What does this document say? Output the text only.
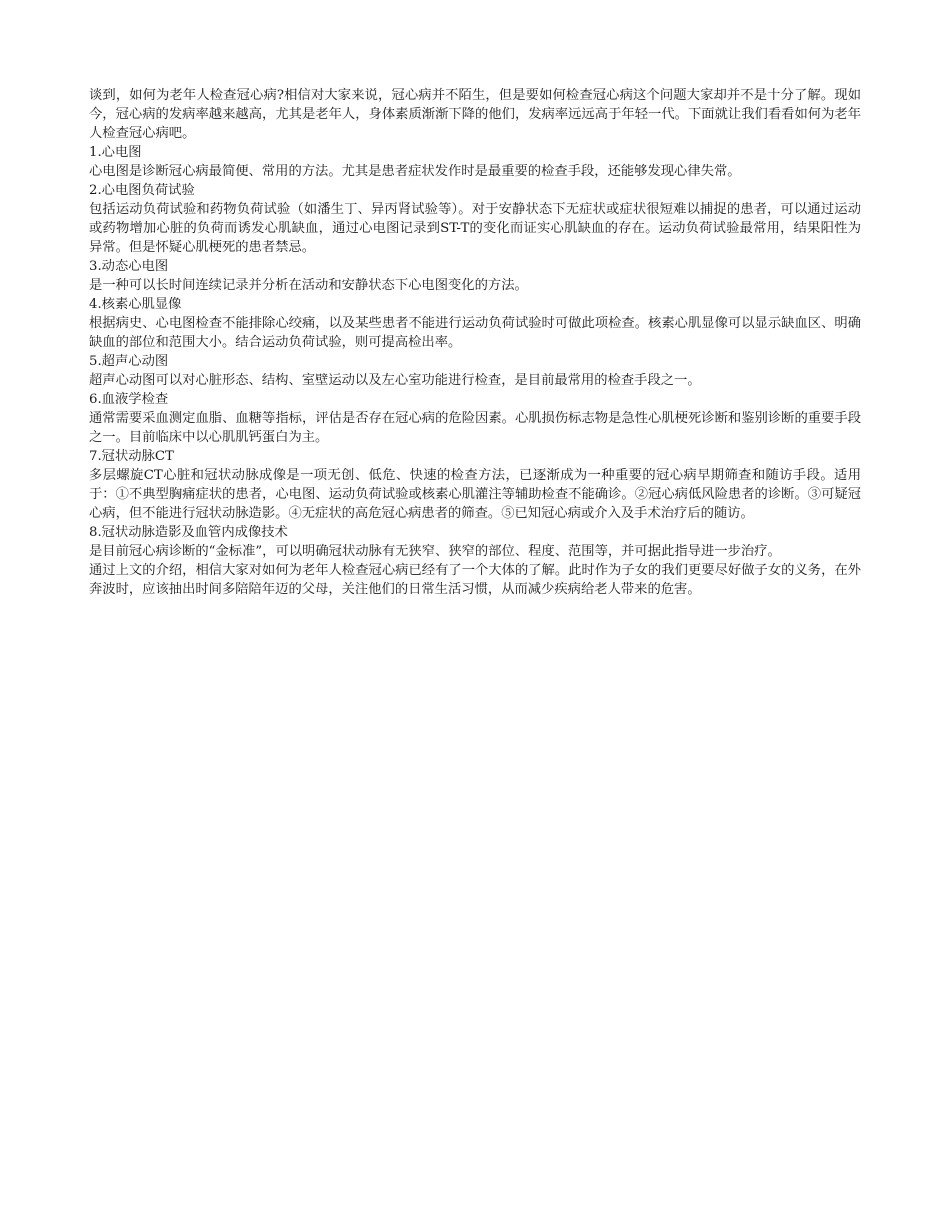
谈到，如何为老年人检查冠心病?相信对大家来说，冠心病并不陌生，但是要如何检查冠心病这个问题大家却并不是十分了解。现如今，冠心病的发病率越来越高，尤其是老年人，身体素质渐渐下降的他们，发病率远远高于年轻一代。下面就让我们看看如何为老年人检查冠心病吧。

1.心电图

心电图是诊断冠心病最简便、常用的方法。尤其是患者症状发作时是最重要的检查手段，还能够发现心律失常。

2.心电图负荷试验

包括运动负荷试验和药物负荷试验（如潘生丁、异丙肾试验等）。对于安静状态下无症状或症状很短难以捕捉的患者，可以通过运动或药物增加心脏的负荷而诱发心肌缺血，通过心电图记录到ST-T的变化而证实心肌缺血的存在。运动负荷试验最常用，结果阳性为异常。但是怀疑心肌梗死的患者禁忌。

3.动态心电图

是一种可以长时间连续记录并分析在活动和安静状态下心电图变化的方法。

4.核素心肌显像

根据病史、心电图检查不能排除心绞痛，以及某些患者不能进行运动负荷试验时可做此项检查。核素心肌显像可以显示缺血区、明确缺血的部位和范围大小。结合运动负荷试验，则可提高检出率。

5.超声心动图

超声心动图可以对心脏形态、结构、室壁运动以及左心室功能进行检查，是目前最常用的检查手段之一。

6.血液学检查

通常需要采血测定血脂、血糖等指标，评估是否存在冠心病的危险因素。心肌损伤标志物是急性心肌梗死诊断和鉴别诊断的重要手段之一。目前临床中以心肌肌钙蛋白为主。

7.冠状动脉CT

多层螺旋CT心脏和冠状动脉成像是一项无创、低危、快速的检查方法，已逐渐成为一种重要的冠心病早期筛查和随访手段。适用于：①不典型胸痛症状的患者，心电图、运动负荷试验或核素心肌灌注等辅助检查不能确诊。②冠心病低风险患者的诊断。③可疑冠心病，但不能进行冠状动脉造影。④无症状的高危冠心病患者的筛查。⑤已知冠心病或介入及手术治疗后的随访。

8.冠状动脉造影及血管内成像技术

是目前冠心病诊断的“金标准”，可以明确冠状动脉有无狭窄、狭窄的部位、程度、范围等，并可据此指导进一步治疗。

通过上文的介绍，相信大家对如何为老年人检查冠心病已经有了一个大体的了解。此时作为子女的我们更要尽好做子女的义务，在外奔波时，应该抽出时间多陪陪年迈的父母，关注他们的日常生活习惯，从而减少疾病给老人带来的危害。
